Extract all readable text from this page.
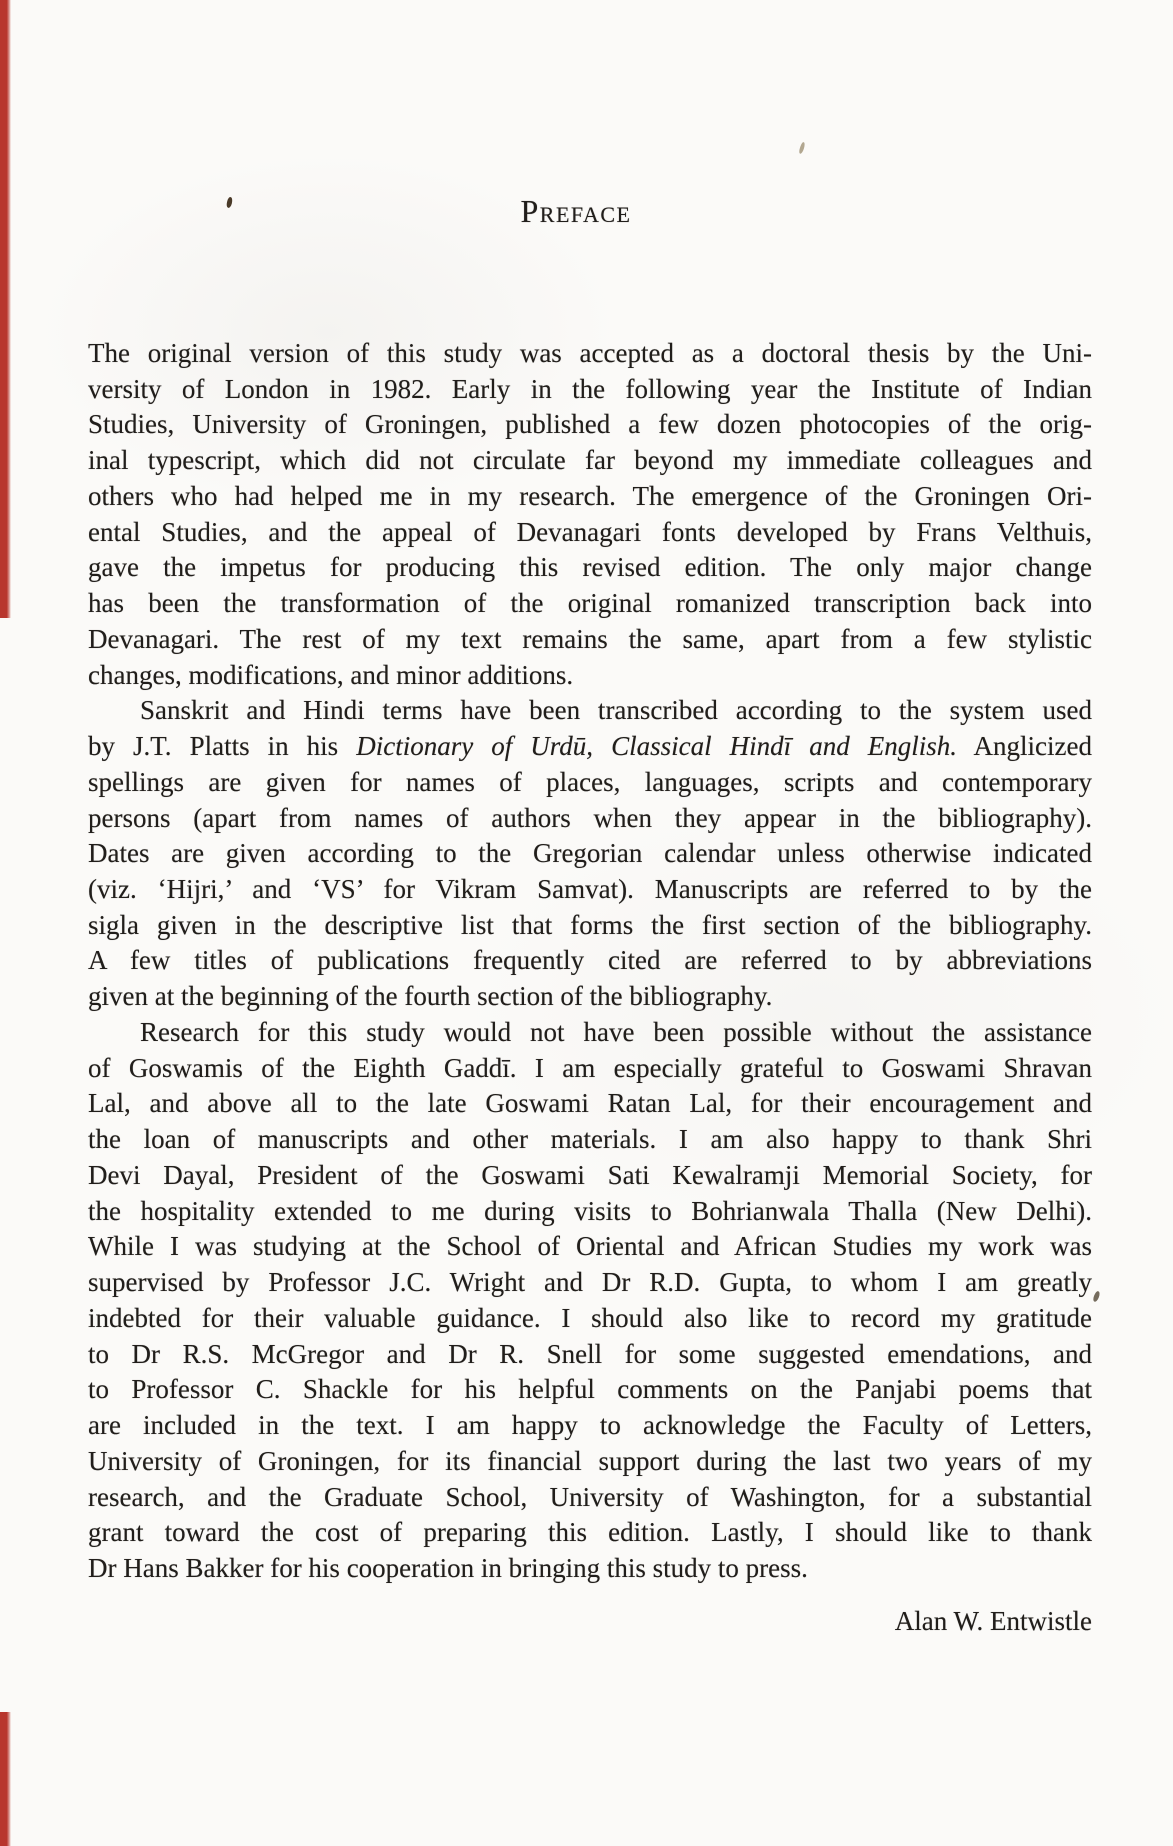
Preface
The original version of this study was accepted as a doctoral thesis by the Uni-
versity of London in 1982. Early in the following year the Institute of Indian
Studies, University of Groningen, published a few dozen photocopies of the orig-
inal typescript, which did not circulate far beyond my immediate colleagues and
others who had helped me in my research. The emergence of the Groningen Ori-
ental Studies, and the appeal of Devanagari fonts developed by Frans Velthuis,
gave the impetus for producing this revised edition. The only major change
has been the transformation of the original romanized transcription back into
Devanagari. The rest of my text remains the same, apart from a few stylistic
changes, modifications, and minor additions.
Sanskrit and Hindi terms have been transcribed according to the system used
by J.T. Platts in his Dictionary of Urdū, Classical Hindī and English. Anglicized
spellings are given for names of places, languages, scripts and contemporary
persons (apart from names of authors when they appear in the bibliography).
Dates are given according to the Gregorian calendar unless otherwise indicated
(viz. ‘Hijri,’ and ‘VS’ for Vikram Samvat). Manuscripts are referred to by the
sigla given in the descriptive list that forms the first section of the bibliography.
A few titles of publications frequently cited are referred to by abbreviations
given at the beginning of the fourth section of the bibliography.
Research for this study would not have been possible without the assistance
of Goswamis of the Eighth Gaddī. I am especially grateful to Goswami Shravan
Lal, and above all to the late Goswami Ratan Lal, for their encouragement and
the loan of manuscripts and other materials. I am also happy to thank Shri
Devi Dayal, President of the Goswami Sati Kewalramji Memorial Society, for
the hospitality extended to me during visits to Bohrianwala Thalla (New Delhi).
While I was studying at the School of Oriental and African Studies my work was
supervised by Professor J.C. Wright and Dr R.D. Gupta, to whom I am greatly
indebted for their valuable guidance. I should also like to record my gratitude
to Dr R.S. McGregor and Dr R. Snell for some suggested emendations, and
to Professor C. Shackle for his helpful comments on the Panjabi poems that
are included in the text. I am happy to acknowledge the Faculty of Letters,
University of Groningen, for its financial support during the last two years of my
research, and the Graduate School, University of Washington, for a substantial
grant toward the cost of preparing this edition. Lastly, I should like to thank
Dr Hans Bakker for his cooperation in bringing this study to press.
Alan W. Entwistle
